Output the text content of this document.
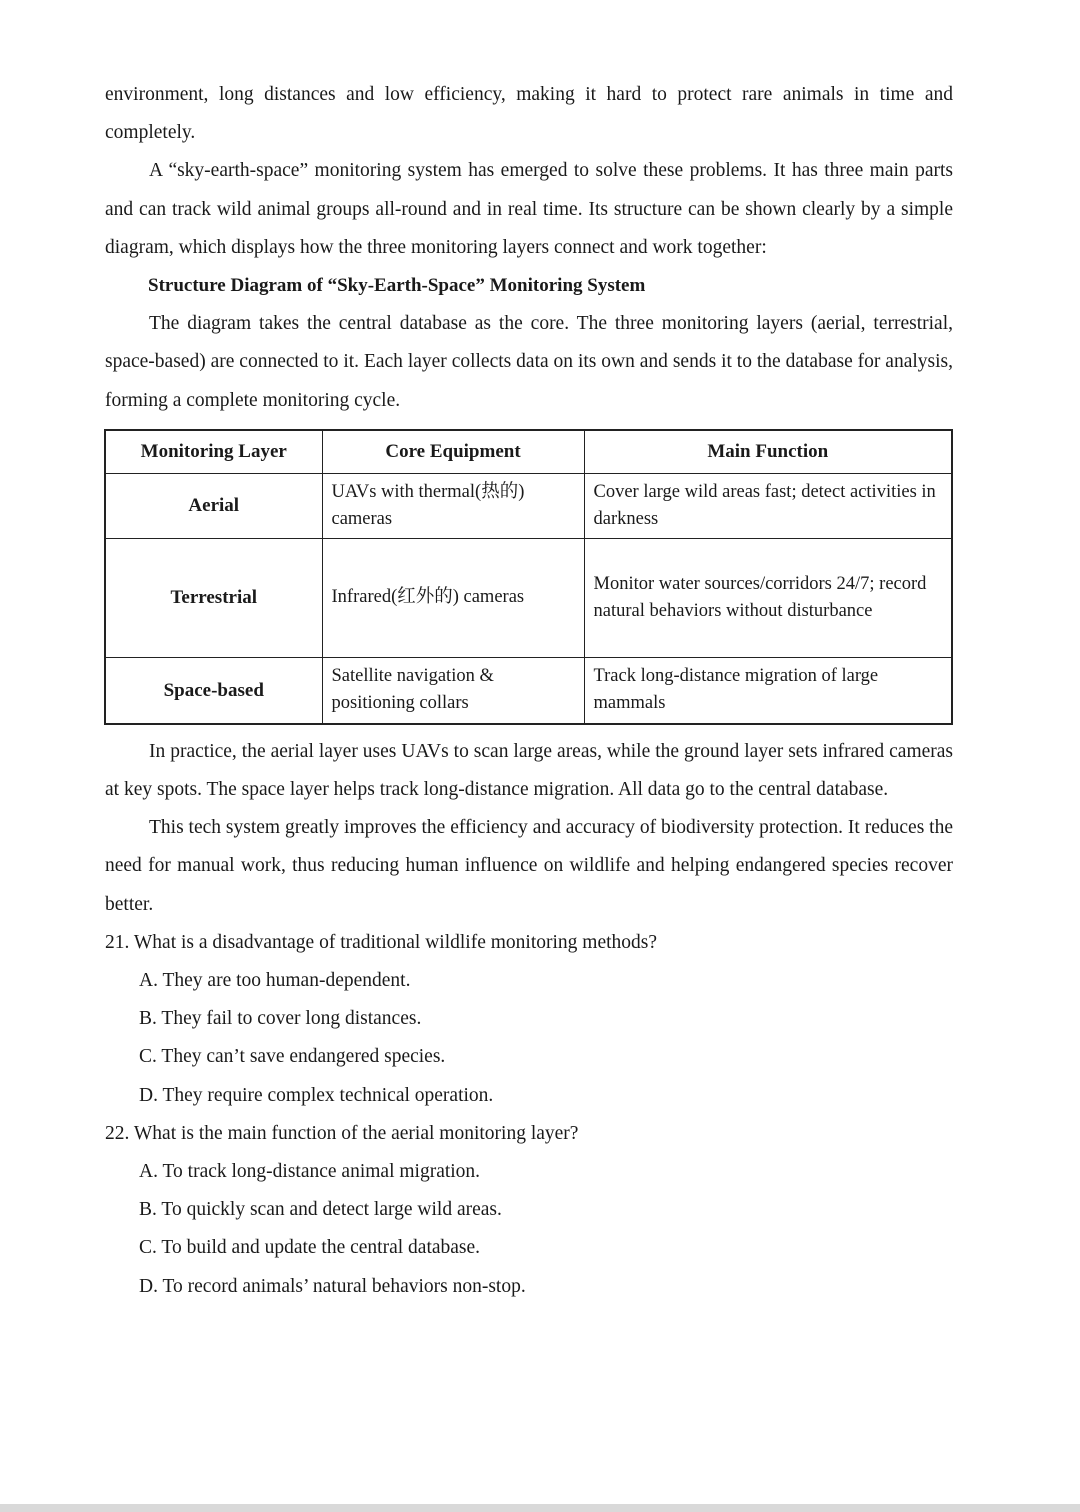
environment, long distances and low efficiency, making it hard to protect rare animals in time and completely.

A “sky-earth-space” monitoring system has emerged to solve these problems. It has three main parts and can track wild animal groups all-round and in real time. Its structure can be shown clearly by a simple diagram, which displays how the three monitoring layers connect and work together:

Structure Diagram of “Sky-Earth-Space” Monitoring System

The diagram takes the central database as the core. The three monitoring layers (aerial, terrestrial, space-based) are connected to it. Each layer collects data on its own and sends it to the database for analysis, forming a complete monitoring cycle.

Monitoring Layer	Core Equipment	Main Function
Aerial	UAVs with thermal(热的) cameras	Cover large wild areas fast; detect activities in darkness
Terrestrial	Infrared(红外的) cameras	Monitor water sources/corridors 24/7; record natural behaviors without disturbance
Space-based	Satellite navigation & positioning collars	Track long-distance migration of large mammals

In practice, the aerial layer uses UAVs to scan large areas, while the ground layer sets infrared cameras at key spots. The space layer helps track long-distance migration. All data go to the central database.

This tech system greatly improves the efficiency and accuracy of biodiversity protection. It reduces the need for manual work, thus reducing human influence on wildlife and helping endangered species recover better.

21. What is a disadvantage of traditional wildlife monitoring methods?

A. They are too human-dependent.

B. They fail to cover long distances.

C. They can’t save endangered species.

D. They require complex technical operation.

22. What is the main function of the aerial monitoring layer?

A. To track long-distance animal migration.

B. To quickly scan and detect large wild areas.

C. To build and update the central database.

D. To record animals’ natural behaviors non-stop.
